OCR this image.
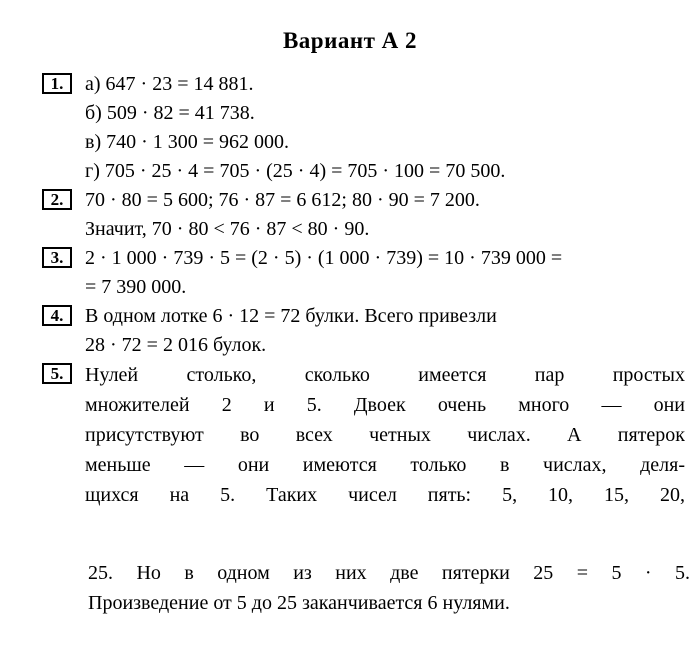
Вариант А 2
1.	а) 647 · 23 = 14 881.
б) 509 · 82 = 41 738.
в) 740 · 1 300 = 962 000.
г) 705 · 25 · 4 = 705 · (25 · 4) = 705 · 100 = 70 500.
2.	70 · 80 = 5 600; 76 · 87 = 6 612; 80 · 90 = 7 200.
Значит, 70 · 80 < 76 · 87 < 80 · 90.
3.	2 · 1 000 · 739 · 5 = (2 · 5) · (1 000 · 739) = 10 · 739 000 =
= 7 390 000.
4.	В одном лотке 6 · 12 = 72 булки. Всего привезли
28 · 72 = 2 016 булок.
5.	Нулей столько, сколько имеется пар простых
множителей 2 и 5. Двоек очень много — они
присутствуют во всех четных числах. А пятерок
меньше — они имеются только в числах, деля-
щихся на 5. Таких чисел пять: 5, 10, 15, 20,
25. Но в одном из них две пятерки 25 = 5 · 5.
Произведение от 5 до 25 заканчивается 6 нулями.
